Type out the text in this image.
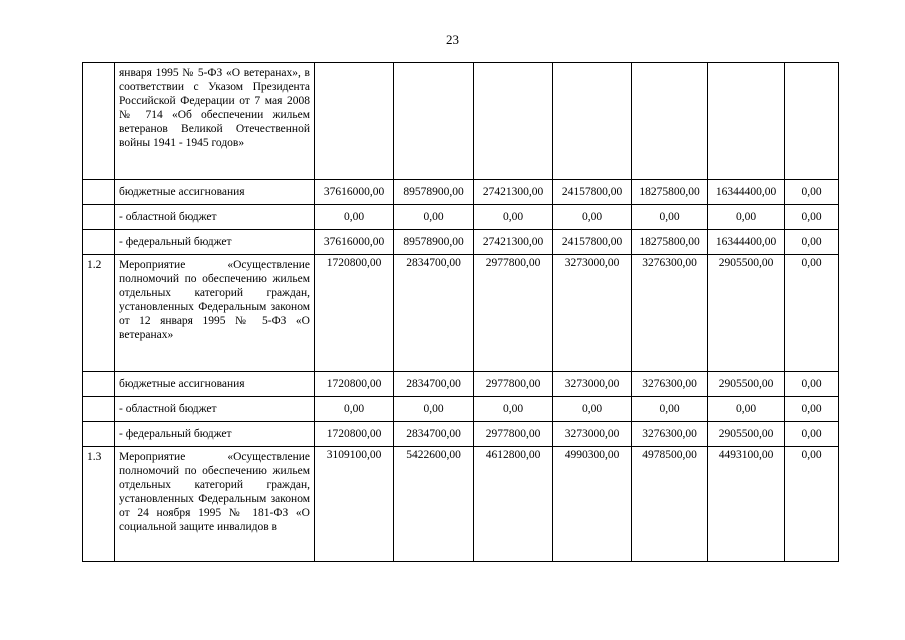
23
	января 1995 № 5-ФЗ «О ветеранах», в соответствии с Указом Президента Российской Федерации от 7 мая 2008 № 714 «Об обеспечении жильем ветеранов Великой Отечественной войны 1941 - 1945 годов»							
	бюджетные ассигнования	37616000,00	89578900,00	27421300,00	24157800,00	18275800,00	16344400,00	0,00
	- областной бюджет	0,00	0,00	0,00	0,00	0,00	0,00	0,00
	- федеральный бюджет	37616000,00	89578900,00	27421300,00	24157800,00	18275800,00	16344400,00	0,00
1.2	Мероприятие «Осуществление полномочий по обеспечению жильем отдельных категорий граждан, установленных Федеральным законом от 12 января 1995 № 5-ФЗ «О ветеранах»	1720800,00	2834700,00	2977800,00	3273000,00	3276300,00	2905500,00	0,00
	бюджетные ассигнования	1720800,00	2834700,00	2977800,00	3273000,00	3276300,00	2905500,00	0,00
	- областной бюджет	0,00	0,00	0,00	0,00	0,00	0,00	0,00
	- федеральный бюджет	1720800,00	2834700,00	2977800,00	3273000,00	3276300,00	2905500,00	0,00
1.3	Мероприятие «Осуществление полномочий по обеспечению жильем отдельных категорий граждан, установленных Федеральным законом от 24 ноября 1995 № 181-ФЗ «О социальной защите инвалидов в	3109100,00	5422600,00	4612800,00	4990300,00	4978500,00	4493100,00	0,00
